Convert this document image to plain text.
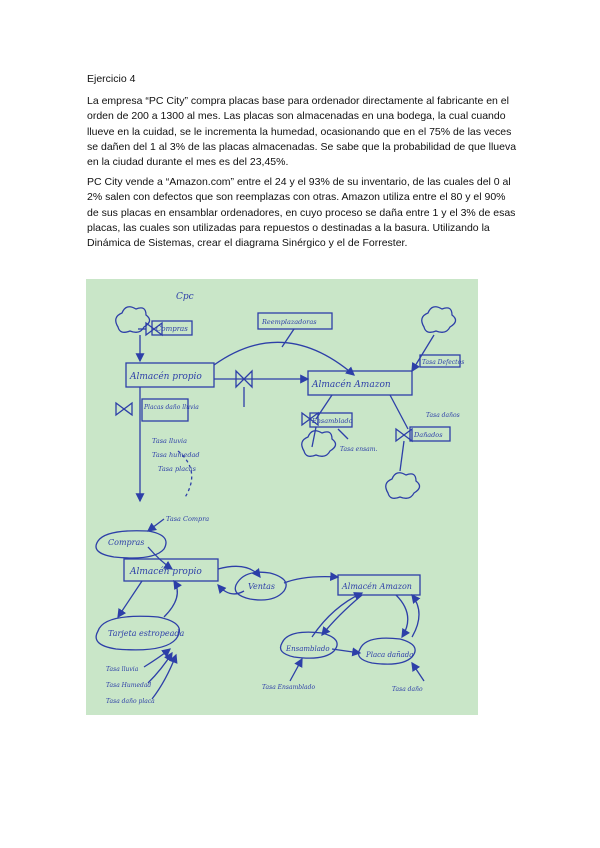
Ejercicio 4

La empresa “PC City” compra placas base para ordenador directamente al fabricante en el orden de 200 a 1300 al mes. Las placas son almacenadas en una bodega, la cual cuando llueve en la cuidad, se le incrementa la humedad, ocasionando que en el 75% de las veces se dañen del 1 al 3% de las placas almacenadas. Se sabe que la probabilidad de que llueva en la ciudad durante el mes es del 23,45%.

PC City vende a “Amazon.com” entre el 24 y el 93% de su inventario, de las cuales del 0 al 2% salen con defectos que son reemplazas con otras. Amazon utiliza entre el 80 y el 90% de sus placas en ensamblar ordenadores, en cuyo proceso se daña entre 1 y el 3% de esas placas, las cuales son utilizadas para repuestos o destinadas a la basura. Utilizando la Dinámica de Sistemas, crear el diagrama Sinérgico y el de Forrester.

Cpc
Compras
Reemplazadoras
Almacén propio
Almacén Amazon
Tasa Defectos
Placas daño lluvia
Tasa lluvia
Tasa humedad
Tasa placas
Ensamblado
Tasa ensam.
Tasa daños
Dañados
Tasa Compra
Compras
Almacén propio
Ventas	Almacén Amazon
Tarjeta estropeada
Ensamblado
Placa dañada
Tasa lluvia
Tasa Humedad
Tasa daño placa
Tasa Ensamblado	Tasa daño
